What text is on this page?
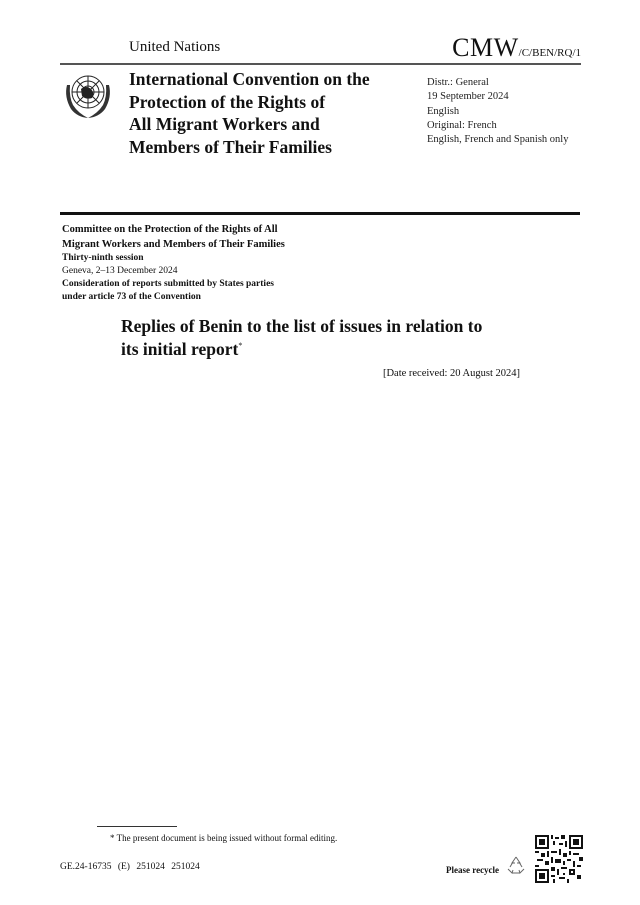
United Nations	CMW/C/BEN/RQ/1
International Convention on the
Protection of the Rights of
All Migrant Workers and
Members of Their Families
Distr.: General
19 September 2024
English
Original: French
English, French and Spanish only
Committee on the Protection of the Rights of All
Migrant Workers and Members of Their Families
Thirty-ninth session
Geneva, 2–13 December 2024
Consideration of reports submitted by States parties
under article 73 of the Convention
Replies of Benin to the list of issues in relation to
its initial report*
[Date received: 20 August 2024]
* The present document is being issued without formal editing.
GE.24-16735 (E) 251024 251024	Please recycle
